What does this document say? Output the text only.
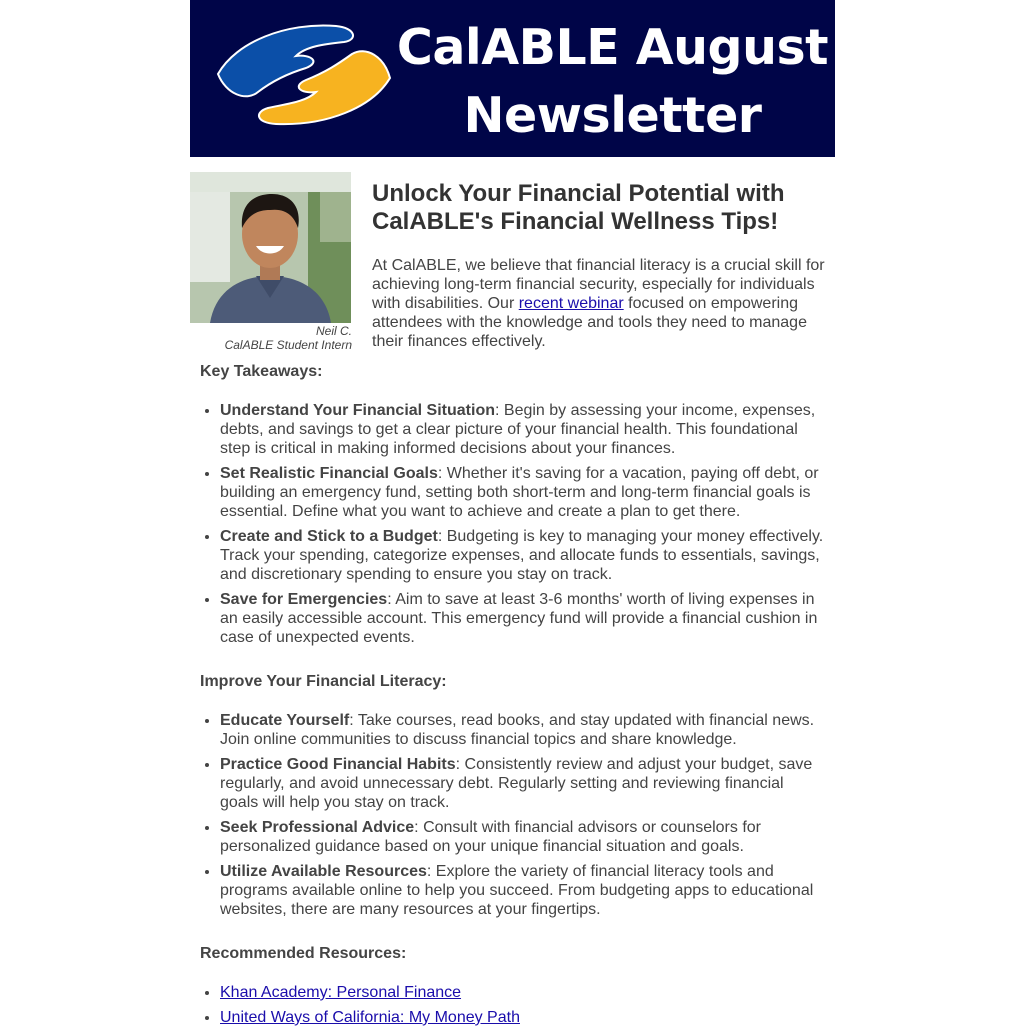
CalABLE August
Newsletter
Neil C.
CalABLE Student Intern
Unlock Your Financial Potential with
CalABLE's Financial Wellness Tips!

At CalABLE, we believe that financial literacy is a crucial skill for achieving long-term financial security, especially for individuals with disabilities. Our recent webinar focused on empowering attendees with the knowledge and tools they need to manage their finances effectively.

Key Takeaways:

• Understand Your Financial Situation: Begin by assessing your income, expenses, debts, and savings to get a clear picture of your financial health. This foundational step is critical in making informed decisions about your finances.
• Set Realistic Financial Goals: Whether it's saving for a vacation, paying off debt, or building an emergency fund, setting both short-term and long-term financial goals is essential. Define what you want to achieve and create a plan to get there.
• Create and Stick to a Budget: Budgeting is key to managing your money effectively. Track your spending, categorize expenses, and allocate funds to essentials, savings, and discretionary spending to ensure you stay on track.
• Save for Emergencies: Aim to save at least 3-6 months' worth of living expenses in an easily accessible account. This emergency fund will provide a financial cushion in case of unexpected events.

Improve Your Financial Literacy:

• Educate Yourself: Take courses, read books, and stay updated with financial news. Join online communities to discuss financial topics and share knowledge.
• Practice Good Financial Habits: Consistently review and adjust your budget, save regularly, and avoid unnecessary debt. Regularly setting and reviewing financial goals will help you stay on track.
• Seek Professional Advice: Consult with financial advisors or counselors for personalized guidance based on your unique financial situation and goals.
• Utilize Available Resources: Explore the variety of financial literacy tools and programs available online to help you succeed. From budgeting apps to educational websites, there are many resources at your fingertips.

Recommended Resources:

• Khan Academy: Personal Finance
• United Ways of California: My Money Path
